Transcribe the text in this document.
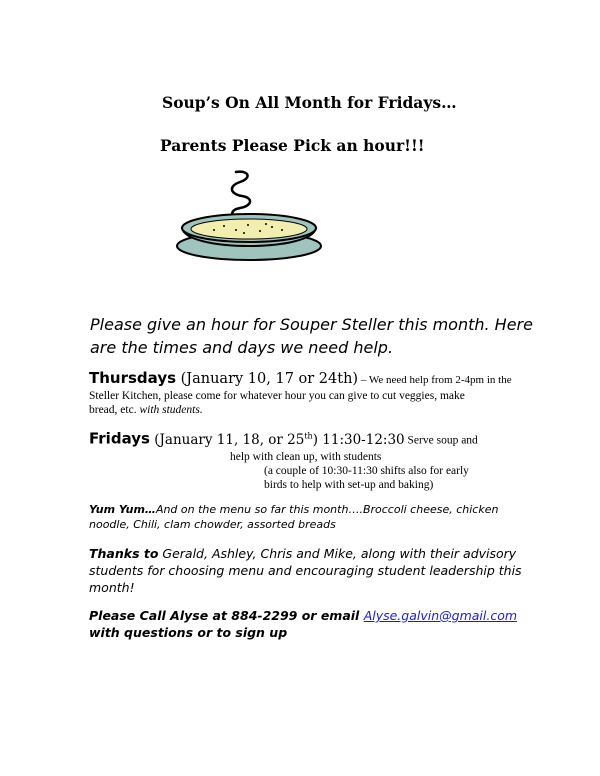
Soup’s On All Month for Fridays…

Parents Please Pick an hour!!!

Please give an hour for Souper Steller this month. Here are the times and days we need help.

Thursdays (January 10, 17 or 24th) – We need help from 2-4pm in the
Steller Kitchen, please come for whatever hour you can give to cut veggies, make
bread, etc. with students.
Fridays (January 11, 18, or 25th) 11:30-12:30 Serve soup and
help with clean up, with students
(a couple of 10:30-11:30 shifts also for early
birds to help with set-up and baking)
Yum Yum…And on the menu so far this month….Broccoli cheese, chicken noodle, Chili, clam chowder, assorted breads
Thanks to Gerald, Ashley, Chris and Mike, along with their advisory students for choosing menu and encouraging student leadership this month!
Please Call Alyse at 884-2299 or email Alyse.galvin@gmail.com with questions or to sign up
